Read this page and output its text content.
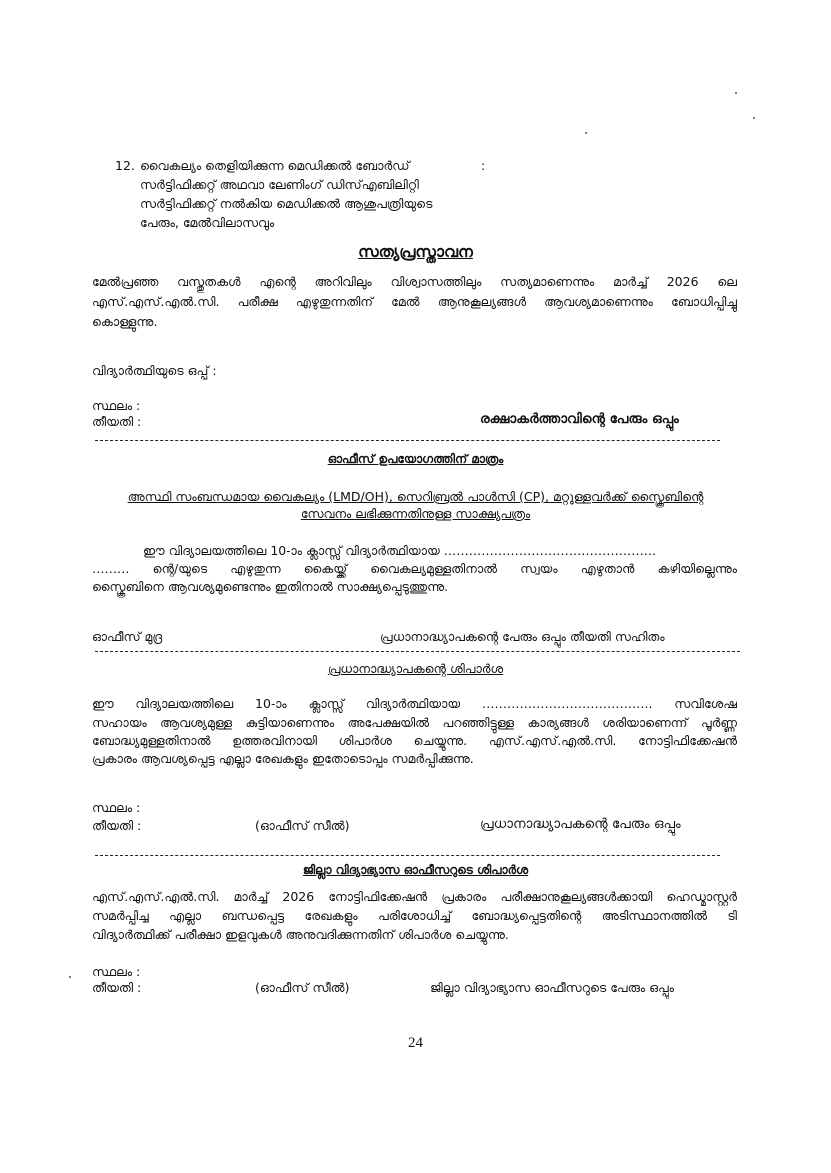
12. വൈകല്യം തെളിയിക്കുന്ന മെഡിക്കൽ ബോർഡ്
സർട്ടിഫിക്കറ്റ് അഥവാ ലേണിംഗ് ഡിസ്എബിലിറ്റി
സർട്ടിഫിക്കറ്റ് നൽകിയ മെഡിക്കൽ ആശുപത്രിയുടെ
പേരും, മേൽവിലാസവും
:
സത്യപ്രസ്താവന
മേൽപ്രഞ്ഞ വസ്തുതകൾ എന്റെ അറിവിലും വിശ്വാസത്തിലും സത്യമാണെന്നും മാർച്ച് 2026 ലെ
എസ്.എസ്.എൽ.സി. പരീക്ഷ എഴുതുന്നതിന് മേൽ ആനുകൂല്യങ്ങൾ ആവശ്യമാണെന്നും ബോധിപ്പിച്ചു
കൊള്ളുന്നു.
വിദ്യാർത്ഥിയുടെ ഒപ്പ് :
സ്ഥലം :
തീയതി :	രക്ഷാകർത്താവിന്റെ പേരും ഒപ്പും
ഓഫീസ് ഉപയോഗത്തിന് മാത്രം
അസ്ഥി സംബന്ധമായ വൈകല്യം (LMD/OH), സെറിബ്രൽ പാൾസി (CP), മറ്റുള്ളവർക്ക് സ്ക്രൈബിന്റെ
സേവനം ലഭിക്കുന്നതിനുള്ള സാക്ഷ്യപത്രം
ഈ വിദ്യാലയത്തിലെ 10-ാം ക്ലാസ്സ് വിദ്യാർത്ഥിയായ ……………………………………………
……… ന്റെ/യുടെ എഴുതുന്ന കൈയ്ക്ക് വൈകല്യമുള്ളതിനാൽ സ്വയം എഴുതാൻ കഴിയില്ലെന്നും
സ്ക്രൈബിനെ ആവശ്യമുണ്ടെന്നും ഇതിനാൽ സാക്ഷ്യപ്പെടുത്തുന്നു.
ഓഫീസ് മുദ്ര	പ്രധാനാദ്ധ്യാപകന്റെ പേരും ഒപ്പും തീയതി സഹിതം
പ്രധാനാദ്ധ്യാപകന്റെ ശിപാർശ
ഈ വിദ്യാലയത്തിലെ 10-ാം ക്ലാസ്സ് വിദ്യാർത്ഥിയായ ………………………………….. സവിശേഷ
സഹായം ആവശ്യമുള്ള കുട്ടിയാണെന്നും അപേക്ഷയിൽ പറഞ്ഞിട്ടുള്ള കാര്യങ്ങൾ ശരിയാണെന്ന് പൂർണ്ണ
ബോദ്ധ്യമുള്ളതിനാൽ ഉത്തരവിനായി ശിപാർശ ചെയ്യുന്നു. എസ്.എസ്.എൽ.സി. നോട്ടിഫിക്കേഷൻ
പ്രകാരം ആവശ്യപ്പെട്ട എല്ലാ രേഖകളും ഇതോടൊപ്പം സമർപ്പിക്കുന്നു.
സ്ഥലം :
തീയതി :	(ഓഫീസ് സീൽ)	പ്രധാനാദ്ധ്യാപകന്റെ പേരും ഒപ്പും
ജില്ലാ വിദ്യാഭ്യാസ ഓഫീസറുടെ ശിപാർശ
എസ്.എസ്.എൽ.സി. മാർച്ച് 2026 നോട്ടിഫിക്കേഷൻ പ്രകാരം പരീക്ഷാനുകൂല്യങ്ങൾക്കായി ഹെഡ്മാസ്റ്റർ
സമർപ്പിച്ച എല്ലാ ബന്ധപ്പെട്ട രേഖകളും പരിശോധിച്ച് ബോദ്ധ്യപ്പെട്ടതിന്റെ അടിസ്ഥാനത്തിൽ ടി
വിദ്യാർത്ഥിക്ക് പരീക്ഷാ ഇളവുകൾ അനുവദിക്കുന്നതിന് ശിപാർശ ചെയ്യുന്നു.
സ്ഥലം :
തീയതി :	(ഓഫീസ് സീൽ)	ജില്ലാ വിദ്യാഭ്യാസ ഓഫീസറുടെ പേരും ഒപ്പും
24
